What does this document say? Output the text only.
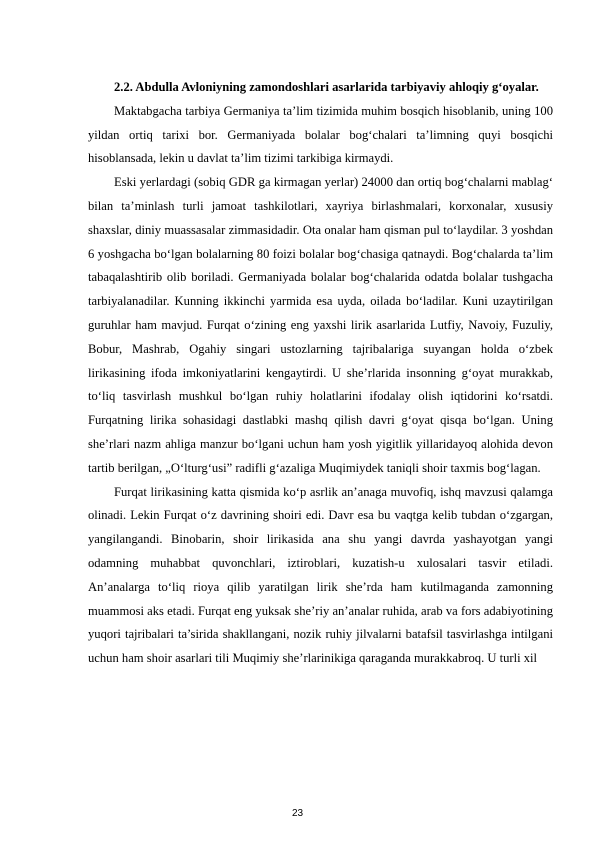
2.2. Abdulla Avloniyning zamondoshlari asarlarida tarbiyaviy ahloqiy g‘oyalar.

Maktabgacha tarbiya Germaniya ta’lim tizimida muhim bosqich hisoblanib, uning 100 yildan ortiq tarixi bor. Germaniyada bolalar bog‘chalari ta’limning quyi bosqichi hisoblansada, lekin u davlat ta’lim tizimi tarkibiga kirmaydi.

Eski yerlardagi (sobiq GDR ga kirmagan yerlar) 24000 dan ortiq bog‘chalarni mablag‘ bilan ta’minlash turli jamoat tashkilotlari, xayriya birlashmalari, korxonalar, xususiy shaxslar, diniy muassasalar zimmasidadir. Ota onalar ham qisman pul to‘laydilar. 3 yoshdan 6 yoshgacha bo‘lgan bolalarning 80 foizi bolalar bog‘chasiga qatnaydi. Bog‘chalarda ta’lim tabaqalashtirib olib boriladi. Germaniyada bolalar bog‘chalarida odatda bolalar tushgacha tarbiyalanadilar. Kunning ikkinchi yarmida esa uyda, oilada bo‘ladilar. Kuni uzaytirilgan guruhlar ham mavjud. Furqat o‘zining eng yaxshi lirik asarlarida Lutfiy, Navoiy, Fuzuliy, Bobur, Mashrab, Ogahiy singari ustozlarning tajribalariga suyangan holda o‘zbek lirikasining ifoda imkoniyatlarini kengaytirdi. U she’rlarida insonning g‘oyat murakkab, to‘liq tasvirlash mushkul bo‘lgan ruhiy holatlarini ifodalay olish iqtidorini ko‘rsatdi. Furqatning lirika sohasidagi dastlabki mashq qilish davri g‘oyat qisqa bo‘lgan. Uning she’rlari nazm ahliga manzur bo‘lgani uchun ham yosh yigitlik yillaridayoq alohida devon tartib berilgan, „O‘lturg‘usi” radifli g‘azaliga Muqimiydek taniqli shoir taxmis bog‘lagan.

Furqat lirikasining katta qismida ko‘p asrlik an’anaga muvofiq, ishq mavzusi qalamga olinadi. Lekin Furqat o‘z davrining shoiri edi. Davr esa bu vaqtga kelib tubdan o‘zgargan, yangilangandi. Binobarin, shoir lirikasida ana shu yangi davrda yashayotgan yangi odamning muhabbat quvonchlari, iztiroblari, kuzatish-u xulosalari tasvir etiladi. An’analarga to‘liq rioya qilib yaratilgan lirik she’rda ham kutilmaganda zamonning muammosi aks etadi. Furqat eng yuksak she’riy an’analar ruhida, arab va fors adabiyotining yuqori tajribalari ta’sirida shakllangani, nozik ruhiy jilvalarni batafsil tasvirlashga intilgani uchun ham shoir asarlari tili Muqimiy she’rlarinikiga qaraganda murakkabroq. U turli xil

23
